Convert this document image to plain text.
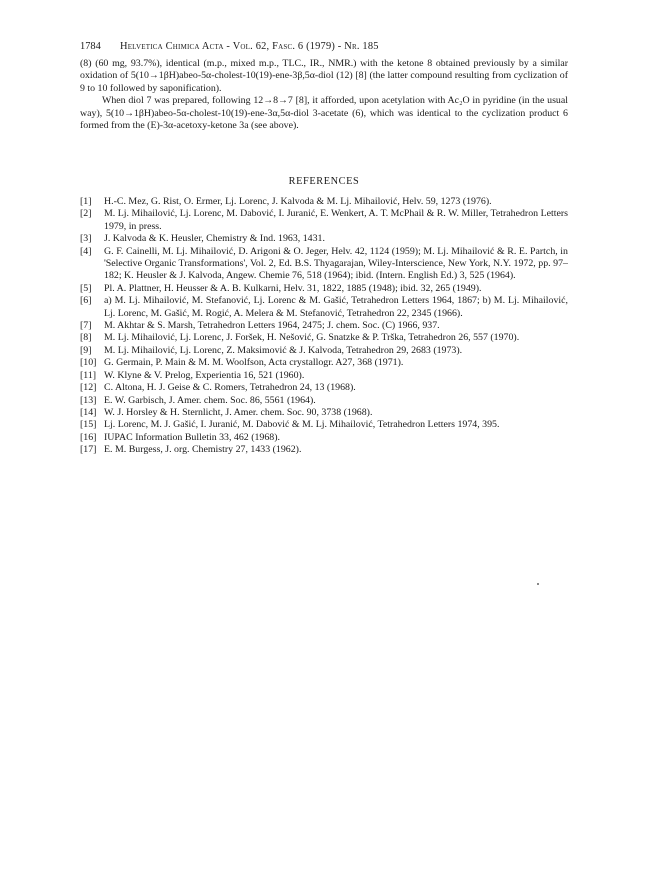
1784	Helvetica Chimica Acta - Vol. 62, Fasc. 6 (1979) - Nr. 185

(8) (60 mg, 93.7%), identical (m.p., mixed m.p., TLC., IR., NMR.) with the ketone 8 obtained previously by a similar oxidation of 5(10→1βH)abeo-5α-cholest-10(19)-ene-3β,5α-diol (12) [8] (the latter compound resulting from cyclization of 9 to 10 followed by saponification).

When diol 7 was prepared, following 12→8→7 [8], it afforded, upon acetylation with Ac₂O in pyridine (in the usual way), 5(10→1βH)abeo-5α-cholest-10(19)-ene-3α,5α-diol 3-acetate (6), which was identical to the cyclization product 6 formed from the (E)-3α-acetoxy-ketone 3a (see above).

REFERENCES
[1]	H.-C. Mez, G. Rist, O. Ermer, Lj. Lorenc, J. Kalvoda & M. Lj. Mihailović, Helv. 59, 1273 (1976).
[2]	M. Lj. Mihailović, Lj. Lorenc, M. Dabović, I. Juranić, E. Wenkert, A. T. McPhail & R. W. Miller, Tetrahedron Letters 1979, in press.
[3]	J. Kalvoda & K. Heusler, Chemistry & Ind. 1963, 1431.
[4]	G. F. Cainelli, M. Lj. Mihailović, D. Arigoni & O. Jeger, Helv. 42, 1124 (1959); M. Lj. Mihailović & R. E. Partch, in 'Selective Organic Transformations', Vol. 2, Ed. B.S. Thyagarajan, Wiley-Interscience, New York, N.Y. 1972, pp. 97–182; K. Heusler & J. Kalvoda, Angew. Chemie 76, 518 (1964); ibid. (Intern. English Ed.) 3, 525 (1964).
[5]	Pl. A. Plattner, H. Heusser & A. B. Kulkarni, Helv. 31, 1822, 1885 (1948); ibid. 32, 265 (1949).
[6]	a) M. Lj. Mihailović, M. Stefanović, Lj. Lorenc & M. Gašić, Tetrahedron Letters 1964, 1867; b) M. Lj. Mihailović, Lj. Lorenc, M. Gašić, M. Rogić, A. Melera & M. Stefanović, Tetrahedron 22, 2345 (1966).
[7]	M. Akhtar & S. Marsh, Tetrahedron Letters 1964, 2475; J. chem. Soc. (C) 1966, 937.
[8]	M. Lj. Mihailović, Lj. Lorenc, J. Foršek, H. Nešović, G. Snatzke & P. Trška, Tetrahedron 26, 557 (1970).
[9]	M. Lj. Mihailović, Lj. Lorenc, Z. Maksimović & J. Kalvoda, Tetrahedron 29, 2683 (1973).
[10] G. Germain, P. Main & M. M. Woolfson, Acta crystallogr. A27, 368 (1971).
[11] W. Klyne & V. Prelog, Experientia 16, 521 (1960).
[12] C. Altona, H. J. Geise & C. Romers, Tetrahedron 24, 13 (1968).
[13] E. W. Garbisch, J. Amer. chem. Soc. 86, 5561 (1964).
[14] W. J. Horsley & H. Sternlicht, J. Amer. chem. Soc. 90, 3738 (1968).
[15] Lj. Lorenc, M. J. Gašić, I. Juranić, M. Dabović & M. Lj. Mihailović, Tetrahedron Letters 1974, 395.
[16] IUPAC Information Bulletin 33, 462 (1968).
[17] E. M. Burgess, J. org. Chemistry 27, 1433 (1962).
